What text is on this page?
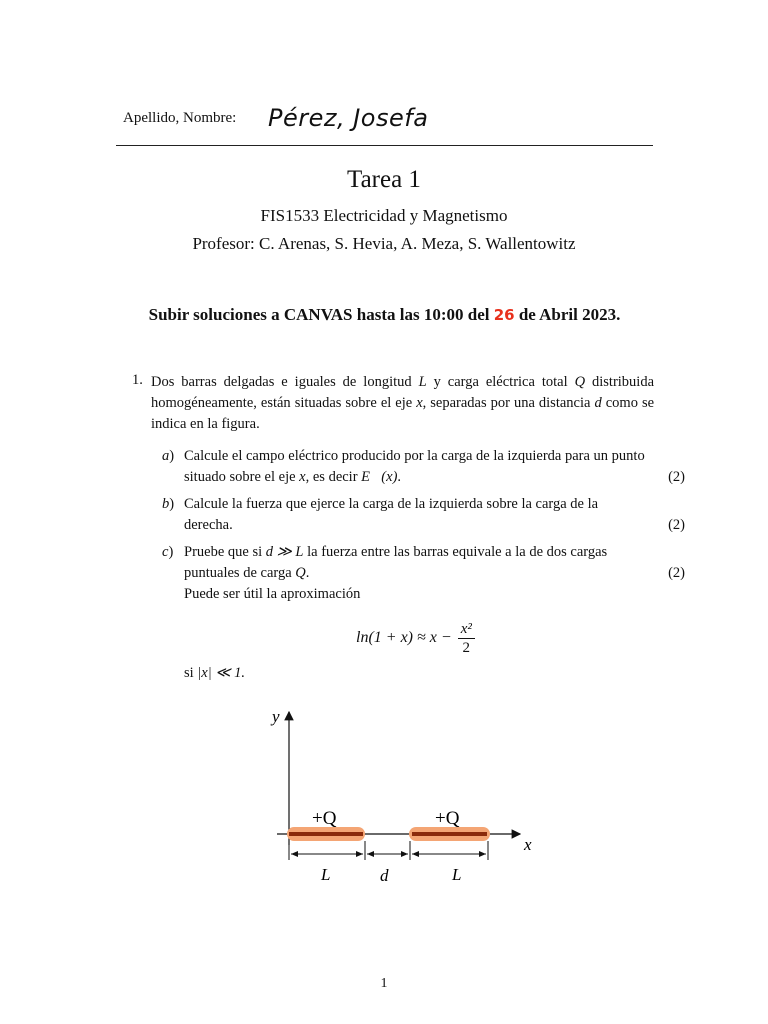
Apellido, Nombre: Pérez, Josefa
Tarea 1
FIS1533 Electricidad y Magnetismo
Profesor: C. Arenas, S. Hevia, A. Meza, S. Wallentowitz
Subir soluciones a CANVAS hasta las 10:00 del 26 de Abril 2023.
1. Dos barras delgadas e iguales de longitud L y carga eléctrica total Q distribuida homogéneamente, están situadas sobre el eje x, separadas por una distancia d como se indica en la figura.
a) Calcule el campo eléctrico producido por la carga de la izquierda para un punto situado sobre el eje x, es decir E⃗(x).	(2)
b) Calcule la fuerza que ejerce la carga de la izquierda sobre la carga de la derecha.	(2)
c) Pruebe que si d ≫ L la fuerza entre las barras equivale a la de dos cargas puntuales de carga Q.
Puede ser útil la aproximación
(2)
$\ln(1 + x) \approx x - \frac{\text{x²}}{2}$
si |x| ≪ 1.
y
x
+Q	+Q
L	d	L
1
